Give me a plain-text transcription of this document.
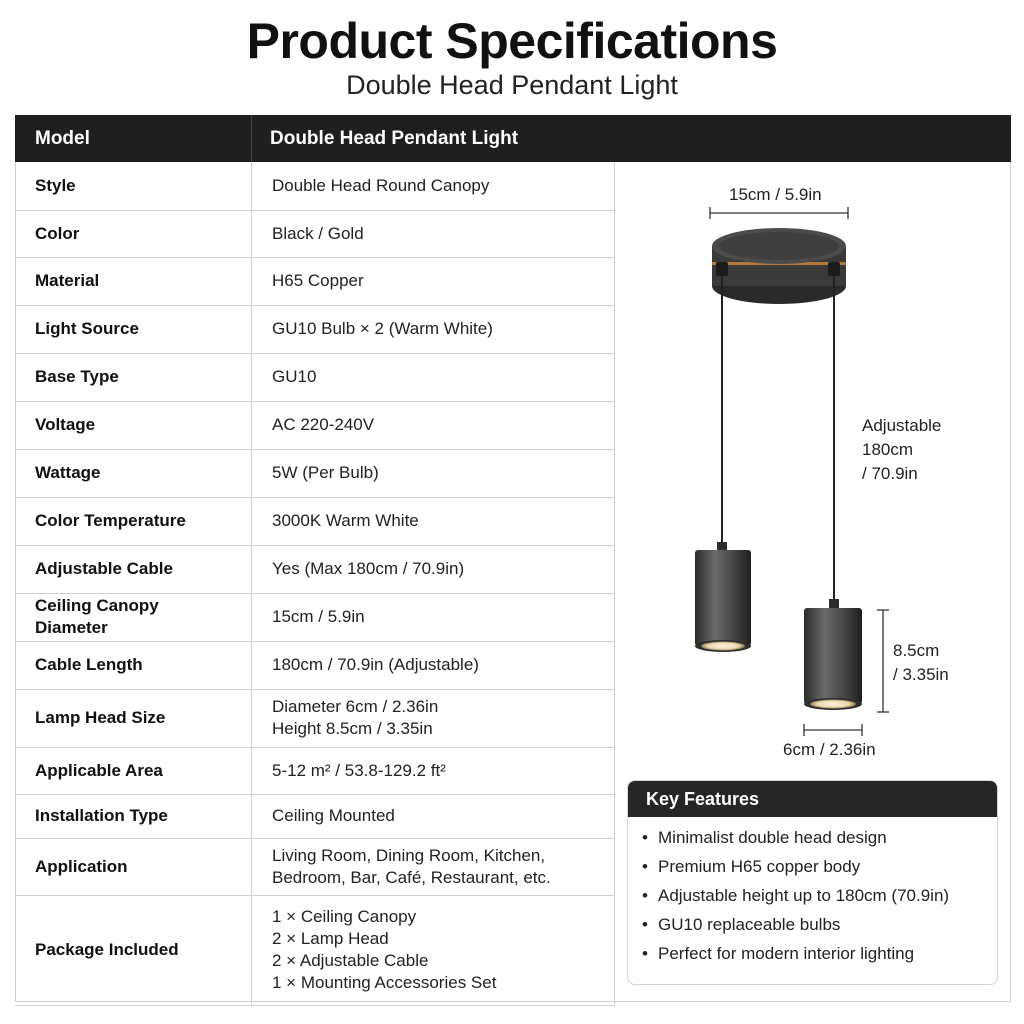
Product Specifications
Double Head Pendant Light
Model	Double Head Pendant Light
Style	Double Head Round Canopy

Color	Black / Gold

Material	H65 Copper

Light Source	GU10 Bulb × 2 (Warm White)

Base Type	GU10

Voltage	AC 220-240V

Wattage	5W (Per Bulb)

Color Temperature	3000K Warm White

Adjustable Cable	Yes (Max 180cm / 70.9in)

Ceiling Canopy Diameter	15cm / 5.9in

Cable Length	180cm / 70.9in (Adjustable)

Lamp Head Size	Diameter 6cm / 2.36in
Height 8.5cm / 3.35in

Applicable Area	5-12 m² / 53.8-129.2 ft²

Installation Type	Ceiling Mounted

Application	Living Room, Dining Room, Kitchen,
Bedroom, Bar, Café, Restaurant, etc.

Package Included	1 × Ceiling Canopy
2 × Lamp Head
2 × Adjustable Cable
1 × Mounting Accessories Set
15cm / 5.9in
Adjustable
180cm
/ 70.9in
8.5cm
/ 3.35in
6cm / 2.36in
Key Features
• Minimalist double head design
• Premium H65 copper body
• Adjustable height up to 180cm (70.9in)
• GU10 replaceable bulbs
• Perfect for modern interior lighting
